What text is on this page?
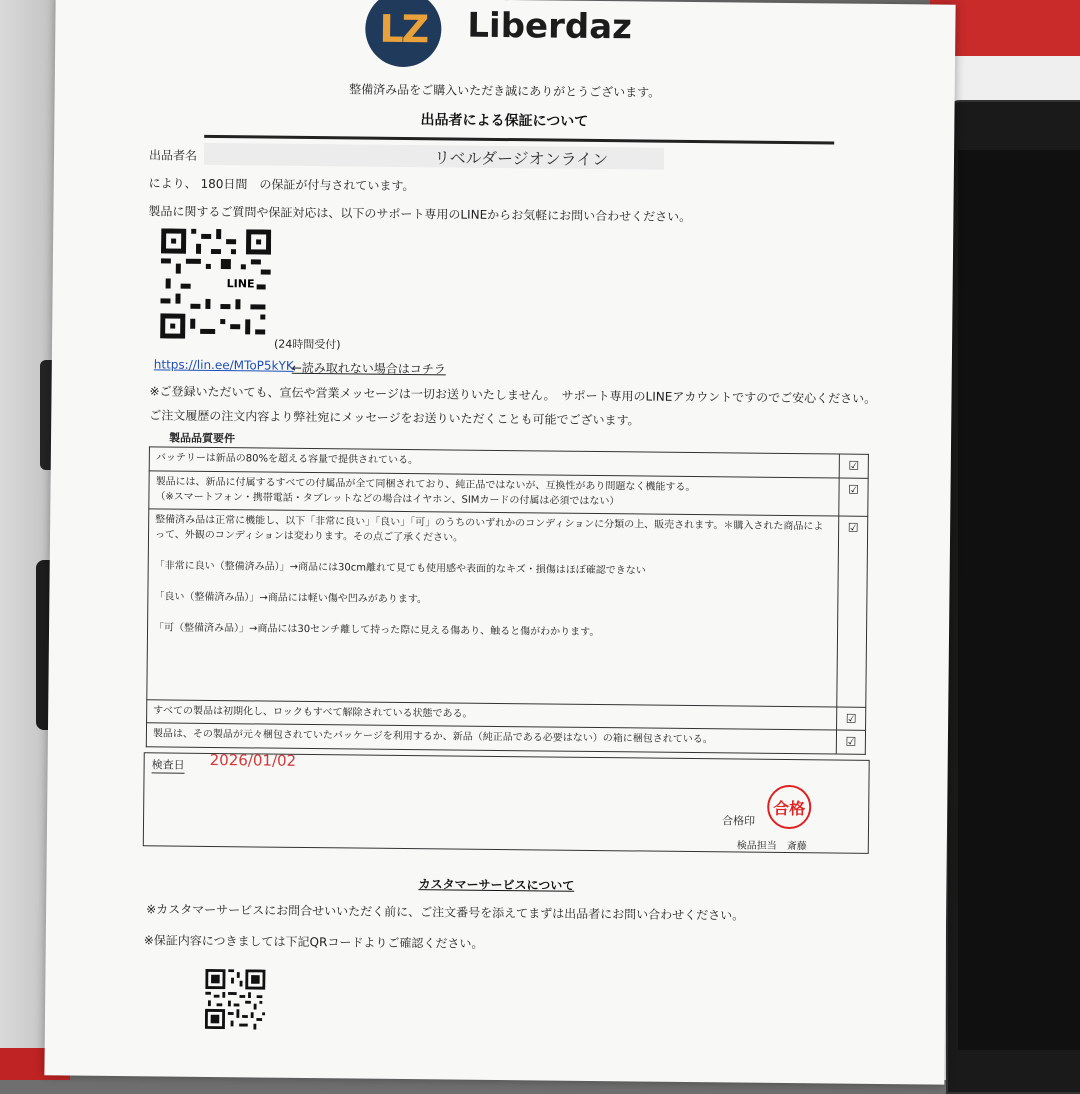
LZ Liberdaz
整備済み品をご購入いただき誠にありがとうございます。
出品者による保証について
出品者名	リベルダージオンライン
により、 180日間　の保証が付与されています。
製品に関するご質問や保証対応は、以下のサポート専用のLINEからお気軽にお問い合わせください。
LINE
(24時間受付)
https://lin.ee/MToP5kYK
←読み取れない場合はコチラ
※ご登録いただいても、宣伝や営業メッセージは一切お送りいたしません。　サポート専用のLINEアカウントですのでご安心ください。
ご注文履歴の注文内容より弊社宛にメッセージをお送りいただくことも可能でございます。
製品品質要件
バッテリーは新品の80%を超える容量で提供されている。	☑
製品には、新品に付属するすべての付属品が全て同梱されており、純正品ではないが、互換性があり問題なく機能する。
（※スマートフォン・携帯電話・タブレットなどの場合はイヤホン、SIMカードの付属は必須ではない）	☑
整備済み品は正常に機能し、以下「非常に良い」「良い」「可」のうちのいずれかのコンディションに分類の上、販売されます。＊購入された商品によって、外観のコンディションは変わります。その点ご了承ください。

「非常に良い（整備済み品）」→商品には30cm離れて見ても使用感や表面的なキズ・損傷はほぼ確認できない

「良い（整備済み品）」→商品には軽い傷や凹みがあります。

「可（整備済み品）」→商品には30センチ離して持った際に見える傷あり、触ると傷がわかります。	☑
すべての製品は初期化し、ロックもすべて解除されている状態である。	☑
製品は、その製品が元々梱包されていたパッケージを利用するか、新品（純正品である必要はない）の箱に梱包されている。	☑
検査日 2026/01/02
合格印
合格
検品担当　斎藤
カスタマーサービスについて
※カスタマーサービスにお問合せいいただく前に、ご注文番号を添えてまずは出品者にお問い合わせください。
※保証内容につきましては下記QRコードよりご確認ください。
